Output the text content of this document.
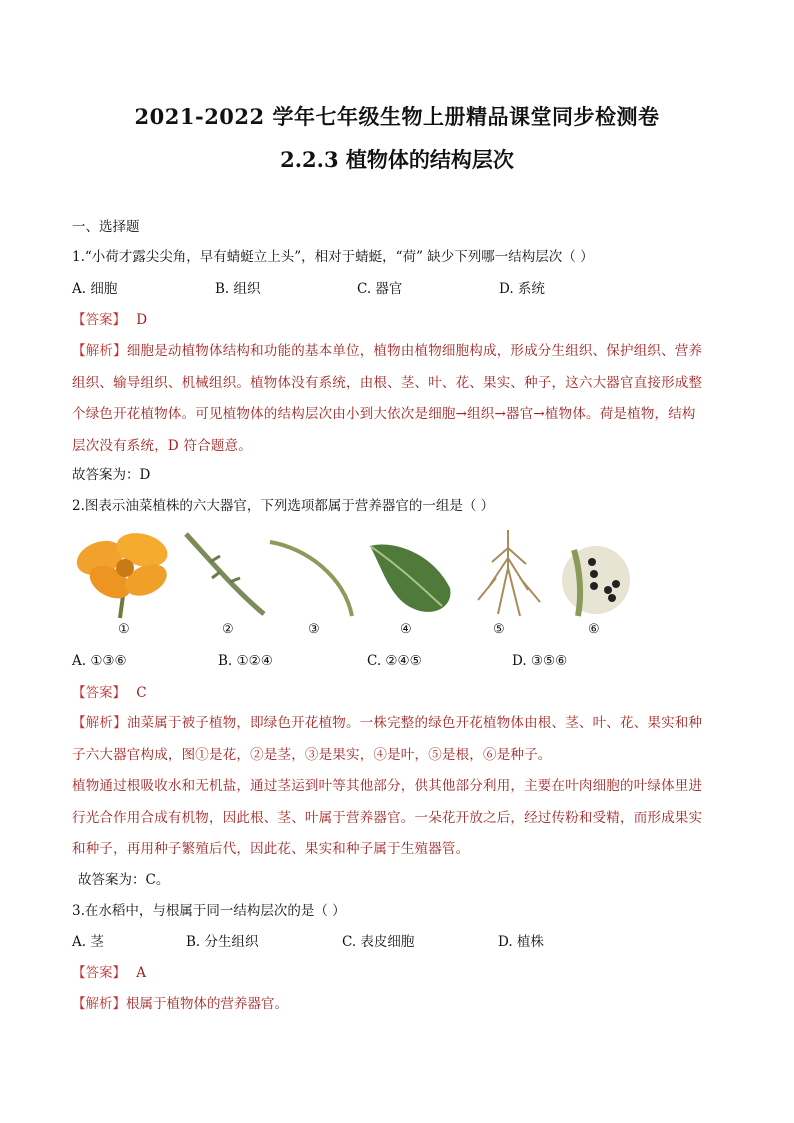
2021-2022 学年七年级生物上册精品课堂同步检测卷
2.2.3 植物体的结构层次
一、选择题
1.“小荷才露尖尖角，早有蜻蜓立上头”，相对于蜻蜓，“荷” 缺少下列哪一结构层次（ ）
A. 细胞	B. 组织	C. 器官	D. 系统
【答案】 D
【解析】细胞是动植物体结构和功能的基本单位，植物由植物细胞构成，形成分生组织、保护组织、营养
组织、输导组织、机械组织。植物体没有系统，由根、茎、叶、花、果实、种子，这六大器官直接形成整
个绿色开花植物体。可见植物体的结构层次由小到大依次是细胞→组织→器官→植物体。荷是植物，结构
层次没有系统，D 符合题意。
故答案为：D
2.图表示油菜植株的六大器官，下列选项都属于营养器官的一组是（ ）
①	②	③	④	⑤	⑥
A. ①③⑥	B. ①②④	C. ②④⑤	D. ③⑤⑥
【答案】 C
【解析】油菜属于被子植物，即绿色开花植物。一株完整的绿色开花植物体由根、茎、叶、花、果实和种
子六大器官构成，图①是花，②是茎，③是果实，④是叶，⑤是根，⑥是种子。
植物通过根吸收水和无机盐，通过茎运到叶等其他部分，供其他部分利用，主要在叶肉细胞的叶绿体里进
行光合作用合成有机物，因此根、茎、叶属于营养器官。一朵花开放之后，经过传粉和受精，而形成果实
和种子，再用种子繁殖后代，因此花、果实和种子属于生殖器管。
故答案为：C。
3.在水稻中，与根属于同一结构层次的是（ ）
A. 茎	B. 分生组织	C. 表皮细胞	D. 植株
【答案】 A
【解析】根属于植物体的营养器官。
